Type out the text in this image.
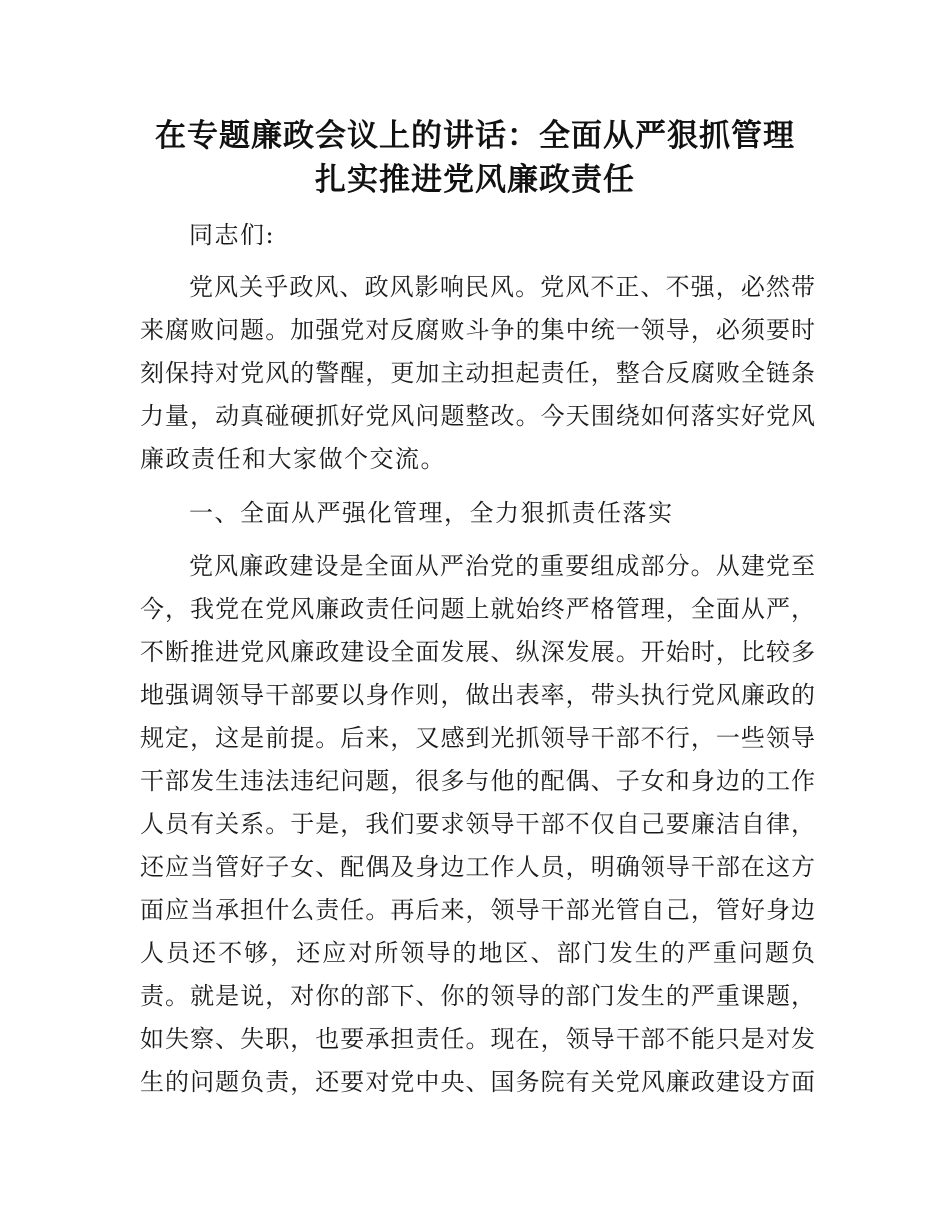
在专题廉政会议上的讲话：全面从严狠抓管理
扎实推进党风廉政责任
同志们:
党风关乎政风、政风影响民风。党风不正、不强，必然带
来腐败问题。加强党对反腐败斗争的集中统一领导，必须要时
刻保持对党风的警醒，更加主动担起责任，整合反腐败全链条
力量，动真碰硬抓好党风问题整改。今天围绕如何落实好党风
廉政责任和大家做个交流。
一、全面从严强化管理，全力狠抓责任落实
党风廉政建设是全面从严治党的重要组成部分。从建党至
今，我党在党风廉政责任问题上就始终严格管理，全面从严，
不断推进党风廉政建设全面发展、纵深发展。开始时，比较多
地强调领导干部要以身作则，做出表率，带头执行党风廉政的
规定，这是前提。后来，又感到光抓领导干部不行，一些领导
干部发生违法违纪问题，很多与他的配偶、子女和身边的工作
人员有关系。于是，我们要求领导干部不仅自己要廉洁自律，
还应当管好子女、配偶及身边工作人员，明确领导干部在这方
面应当承担什么责任。再后来，领导干部光管自己，管好身边
人员还不够，还应对所领导的地区、部门发生的严重问题负
责。就是说，对你的部下、你的领导的部门发生的严重课题，
如失察、失职，也要承担责任。现在，领导干部不能只是对发
生的问题负责，还要对党中央、国务院有关党风廉政建设方面
